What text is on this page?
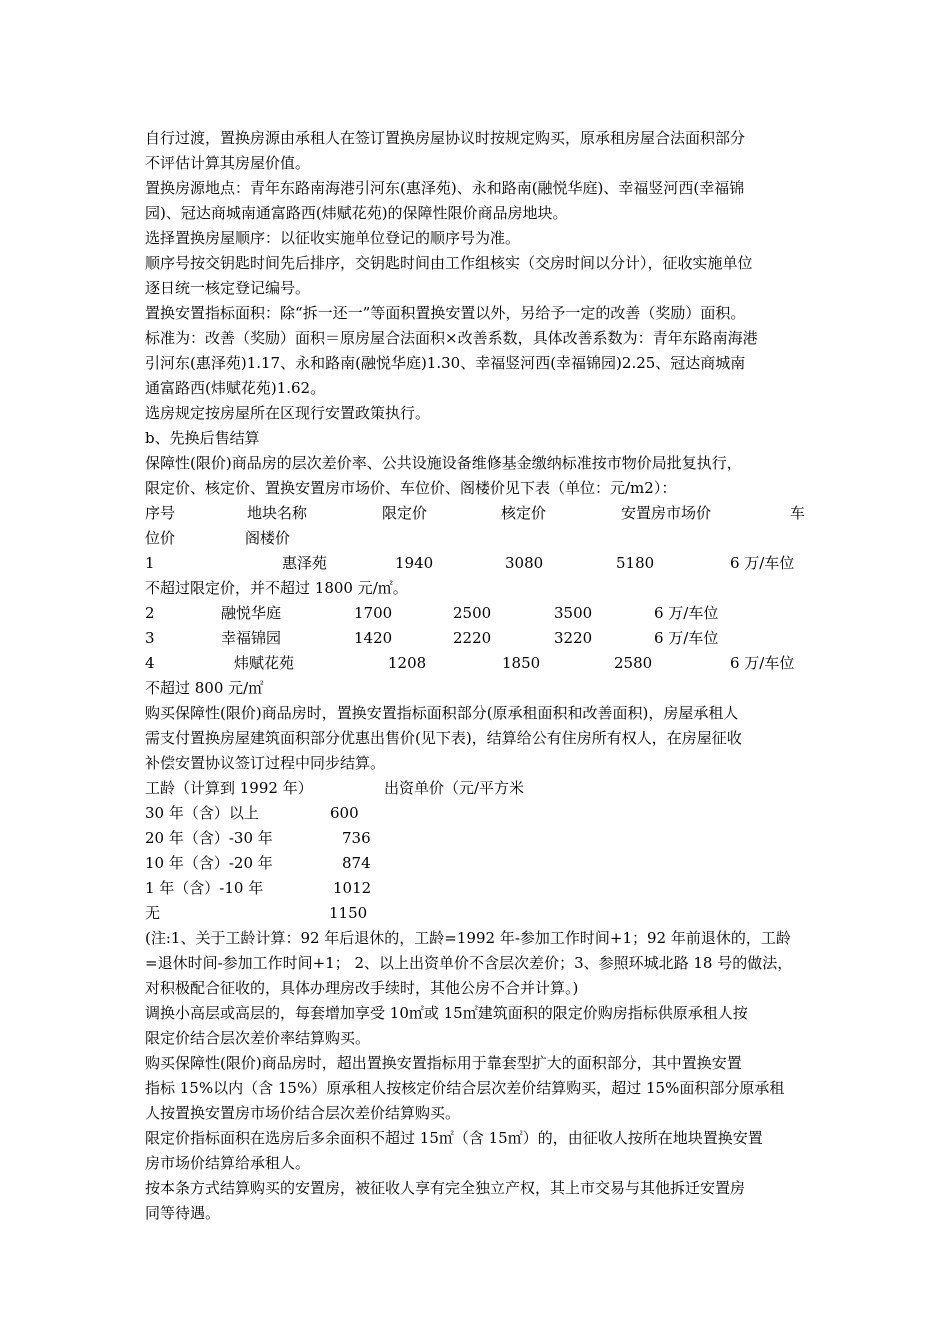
自行过渡，置换房源由承租人在签订置换房屋协议时按规定购买，原承租房屋合法面积部分
不评估计算其房屋价值。
置换房源地点：青年东路南海港引河东(惠泽苑)、永和路南(融悦华庭)、幸福竖河西(幸福锦
园)、冠达商城南通富路西(炜赋花苑)的保障性限价商品房地块。
选择置换房屋顺序：以征收实施单位登记的顺序号为准。
顺序号按交钥匙时间先后排序，交钥匙时间由工作组核实（交房时间以分计），征收实施单位
逐日统一核定登记编号。
置换安置指标面积：除“拆一还一”等面积置换安置以外，另给予一定的改善（奖励）面积。
标准为：改善（奖励）面积＝原房屋合法面积×改善系数，具体改善系数为：青年东路南海港
引河东(惠泽苑)1.17、永和路南(融悦华庭)1.30、幸福竖河西(幸福锦园)2.25、冠达商城南
通富路西(炜赋花苑)1.62。
选房规定按房屋所在区现行安置政策执行。
b、先换后售结算
保障性(限价)商品房的层次差价率、公共设施设备维修基金缴纳标准按市物价局批复执行，
限定价、核定价、置换安置房市场价、车位价、阁楼价见下表（单位：元/m2）：
序号	地块名称	限定价	核定价	安置房市场价	车
位价	阁楼价
1	惠泽苑	1940	3080	5180	6 万/车位
不超过限定价，并不超过 1800 元/㎡。
2	融悦华庭	1700	2500	3500	6 万/车位
3	幸福锦园	1420	2220	3220	6 万/车位
4	炜赋花苑	1208	1850	2580	6 万/车位
不超过 800 元/㎡
购买保障性(限价)商品房时，置换安置指标面积部分(原承租面积和改善面积)，房屋承租人
需支付置换房屋建筑面积部分优惠出售价(见下表)，结算给公有住房所有权人，在房屋征收
补偿安置协议签订过程中同步结算。
工龄（计算到 1992 年）	出资单价（元/平方米
30 年（含）以上	600
20 年（含）-30 年	736
10 年（含）-20 年	874
1 年（含）-10 年	1012
无	1150
(注:1、关于工龄计算：92 年后退休的，工龄=1992 年-参加工作时间+1；92 年前退休的，工龄
=退休时间-参加工作时间+1； 2、以上出资单价不含层次差价；3、参照环城北路 18 号的做法，
对积极配合征收的，具体办理房改手续时，其他公房不合并计算。)
调换小高层或高层的，每套增加享受 10㎡或 15㎡建筑面积的限定价购房指标供原承租人按
限定价结合层次差价率结算购买。
购买保障性(限价)商品房时，超出置换安置指标用于靠套型扩大的面积部分，其中置换安置
指标 15%以内（含 15%）原承租人按核定价结合层次差价结算购买，超过 15%面积部分原承租
人按置换安置房市场价结合层次差价结算购买。
限定价指标面积在选房后多余面积不超过 15㎡（含 15㎡）的，由征收人按所在地块置换安置
房市场价结算给承租人。
按本条方式结算购买的安置房，被征收人享有完全独立产权，其上市交易与其他拆迁安置房
同等待遇。
